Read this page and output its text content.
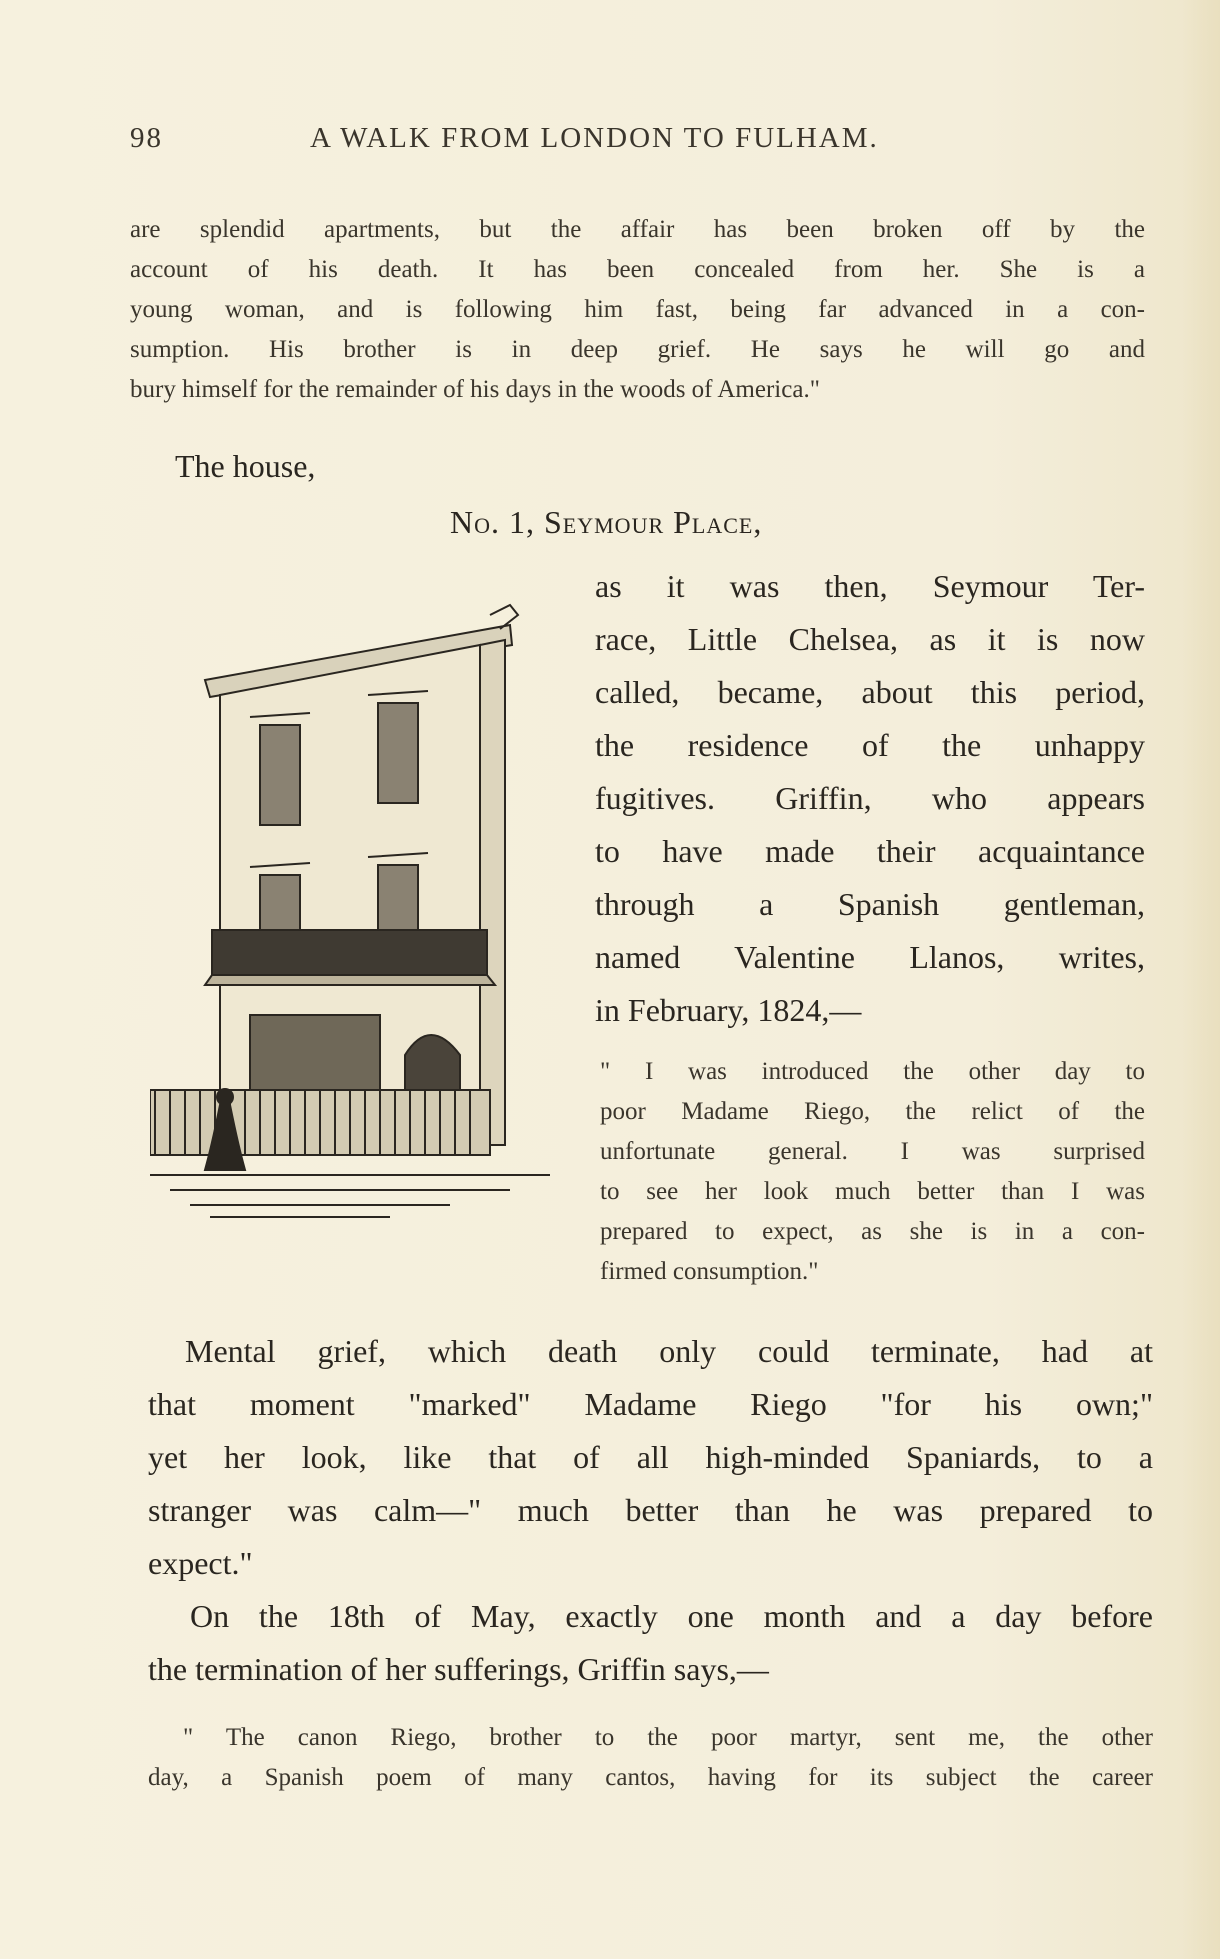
98	A WALK FROM LONDON TO FULHAM.
are splendid apartments, but the affair has been broken off by the
account of his death. It has been concealed from her. She is a
young woman, and is following him fast, being far advanced in a con-
sumption. His brother is in deep grief. He says he will go and
bury himself for the remainder of his days in the woods of America."
The house,
No. 1, Seymour Place,
as it was then, Seymour Ter-
race, Little Chelsea, as it is now
called, became, about this period,
the residence of the unhappy
fugitives. Griffin, who appears
to have made their acquaintance
through a Spanish gentleman,
named Valentine Llanos, writes,
in February, 1824,—
" I was introduced the other day to
poor Madame Riego, the relict of the
unfortunate general. I was surprised
to see her look much better than I was
prepared to expect, as she is in a con-
firmed consumption."
Mental grief, which death only could terminate, had at
that moment "marked" Madame Riego "for his own;"
yet her look, like that of all high-minded Spaniards, to a
stranger was calm—" much better than he was prepared to
expect."
On the 18th of May, exactly one month and a day before
the termination of her sufferings, Griffin says,—
" The canon Riego, brother to the poor martyr, sent me, the other
day, a Spanish poem of many cantos, having for its subject the career
